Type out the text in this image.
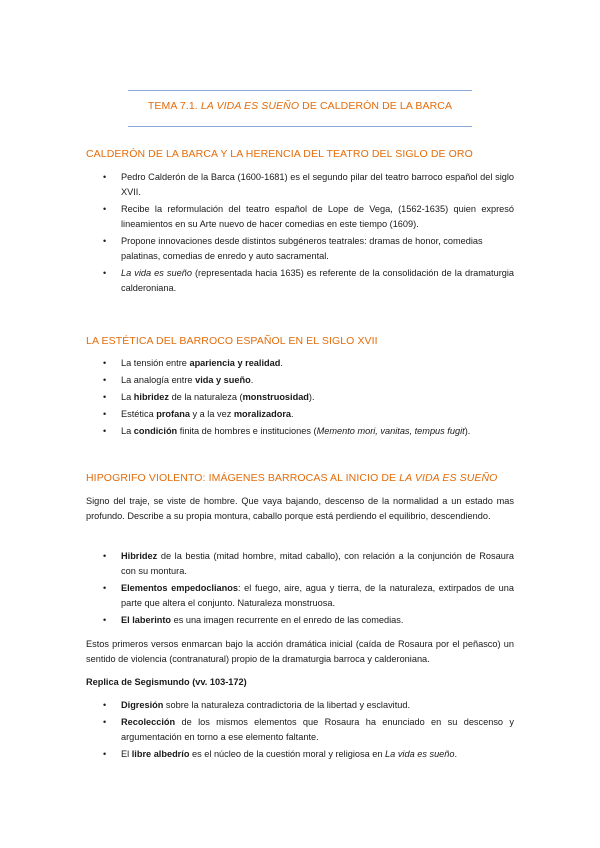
TEMA 7.1. LA VIDA ES SUEÑO DE CALDERÓN DE LA BARCA
CALDERÓN DE LA BARCA Y LA HERENCIA DEL TEATRO DEL SIGLO DE ORO
• Pedro Calderón de la Barca (1600-1681) es el segundo pilar del teatro barroco español del siglo XVII.
• Recibe la reformulación del teatro español de Lope de Vega, (1562-1635) quien expresó lineamientos en su Arte nuevo de hacer comedias en este tiempo (1609).
• Propone innovaciones desde distintos subgéneros teatrales: dramas de honor, comedias palatinas, comedias de enredo y auto sacramental.
• La vida es sueño (representada hacia 1635) es referente de la consolidación de la dramaturgia calderoniana.
LA ESTÉTICA DEL BARROCO ESPAÑOL EN EL SIGLO XVII
• La tensión entre apariencia y realidad.
• La analogía entre vida y sueño.
• La hibridez de la naturaleza (monstruosidad).
• Estética profana y a la vez moralizadora.
• La condición finita de hombres e instituciones (Memento mori, vanitas, tempus fugit).
HIPOGRIFO VIOLENTO: IMÁGENES BARROCAS AL INICIO DE LA VIDA ES SUEÑO

Signo del traje, se viste de hombre. Que vaya bajando, descenso de la normalidad a un estado mas profundo. Describe a su propia montura, caballo porque está perdiendo el equilibrio, descendiendo.

• Hibridez de la bestia (mitad hombre, mitad caballo), con relación a la conjunción de Rosaura con su montura.
• Elementos empedoclianos: el fuego, aire, agua y tierra, de la naturaleza, extirpados de una parte que altera el conjunto. Naturaleza monstruosa.
• El laberinto es una imagen recurrente en el enredo de las comedias.

Estos primeros versos enmarcan bajo la acción dramática inicial (caída de Rosaura por el peñasco) un sentido de violencia (contranatural) propio de la dramaturgia barroca y calderoniana.

Replica de Segismundo (vv. 103-172)
• Digresión sobre la naturaleza contradictoria de la libertad y esclavitud.
• Recolección de los mismos elementos que Rosaura ha enunciado en su descenso y argumentación en torno a ese elemento faltante.
• El libre albedrío es el núcleo de la cuestión moral y religiosa en La vida es sueño.
